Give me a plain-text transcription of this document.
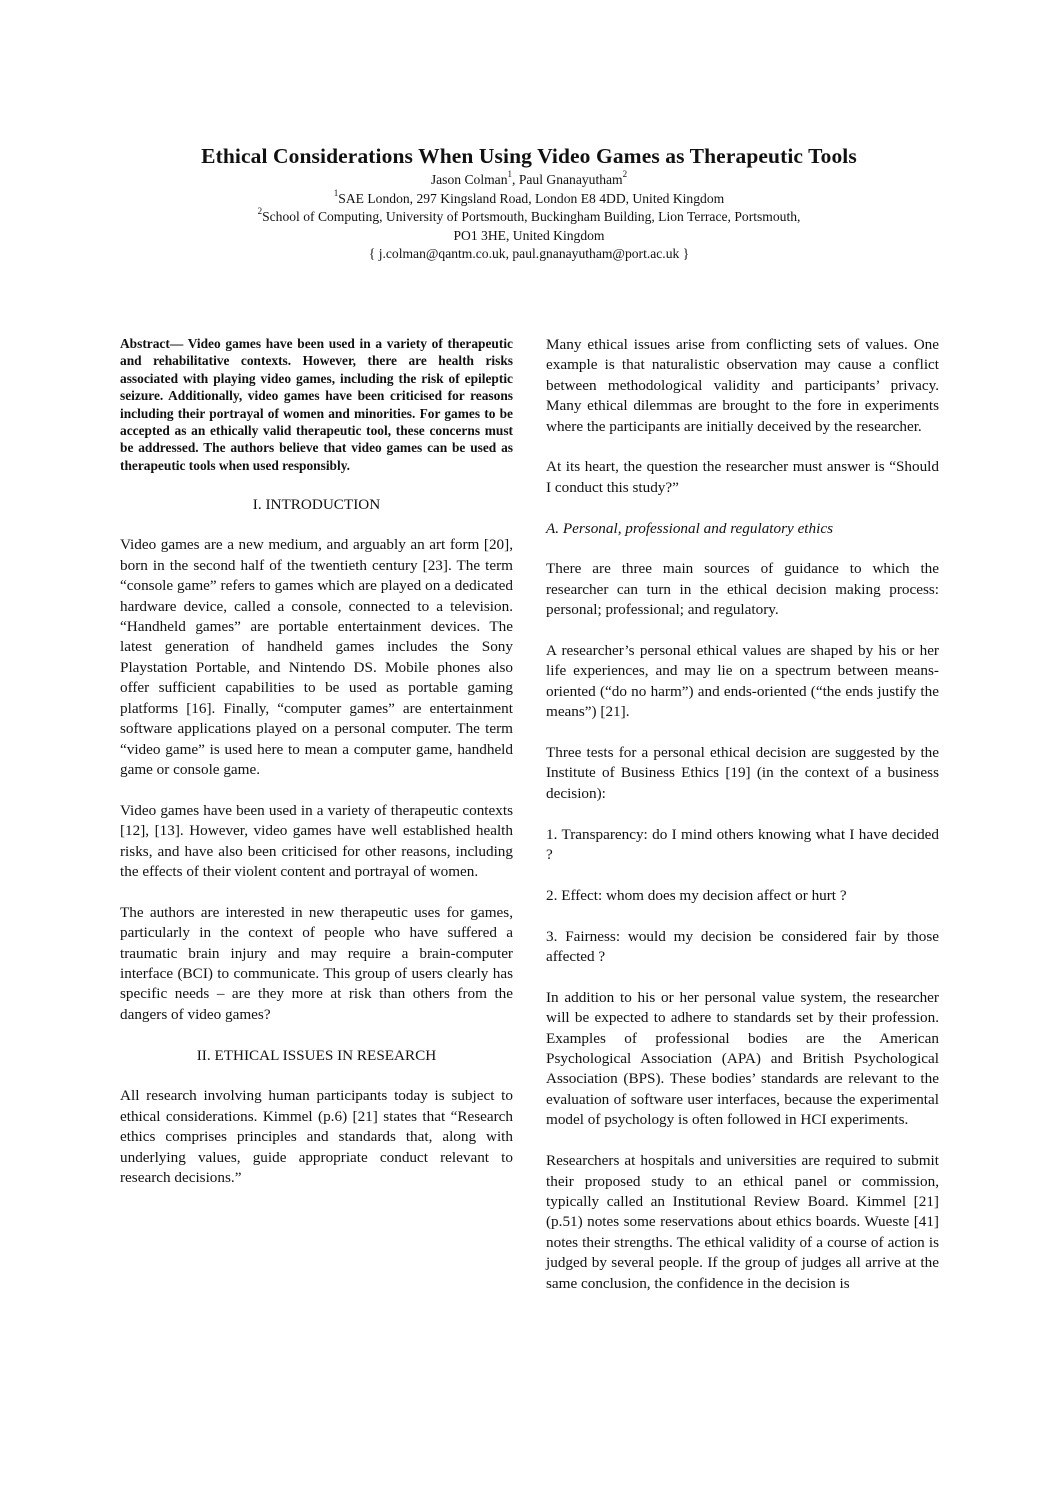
Ethical Considerations When Using Video Games as Therapeutic Tools

Jason Colman$^1$, Paul Gnanayutham$^2$

$^1$SAE London, 297 Kingsland Road, London E8 4DD, United Kingdom

$^2$School of Computing, University of Portsmouth, Buckingham Building, Lion Terrace, Portsmouth,

PO1 3HE, United Kingdom

{ j.colman@qantm.co.uk, paul.gnanayutham@port.ac.uk }

Abstract— Video games have been used in a variety of therapeutic and rehabilitative contexts. However, there are health risks associated with playing video games, including the risk of epileptic seizure. Additionally, video games have been criticised for reasons including their portrayal of women and minorities. For games to be accepted as an ethically valid therapeutic tool, these concerns must be addressed. The authors believe that video games can be used as therapeutic tools when used responsibly.

I. INTRODUCTION

Video games are a new medium, and arguably an art form [20], born in the second half of the twentieth century [23]. The term “console game” refers to games which are played on a dedicated hardware device, called a console, connected to a television. “Handheld games” are portable entertainment devices. The latest generation of handheld games includes the Sony Playstation Portable, and Nintendo DS. Mobile phones also offer sufficient capabilities to be used as portable gaming platforms [16]. Finally, “computer games” are entertainment software applications played on a personal computer. The term “video game” is used here to mean a computer game, handheld game or console game.

Video games have been used in a variety of therapeutic contexts [12], [13]. However, video games have well established health risks, and have also been criticised for other reasons, including the effects of their violent content and portrayal of women.

The authors are interested in new therapeutic uses for games, particularly in the context of people who have suffered a traumatic brain injury and may require a brain-computer interface (BCI) to communicate. This group of users clearly has specific needs – are they more at risk than others from the dangers of video games?

II. ETHICAL ISSUES IN RESEARCH

All research involving human participants today is subject to ethical considerations. Kimmel (p.6) [21] states that “Research ethics comprises principles and standards that, along with underlying values, guide appropriate conduct relevant to research decisions.”

Many ethical issues arise from conflicting sets of values. One example is that naturalistic observation may cause a conflict between methodological validity and participants’ privacy. Many ethical dilemmas are brought to the fore in experiments where the participants are initially deceived by the researcher.

At its heart, the question the researcher must answer is “Should I conduct this study?”

A. Personal, professional and regulatory ethics

There are three main sources of guidance to which the researcher can turn in the ethical decision making process: personal; professional; and regulatory.

A researcher’s personal ethical values are shaped by his or her life experiences, and may lie on a spectrum between means-oriented (“do no harm”) and ends-oriented (“the ends justify the means”) [21].

Three tests for a personal ethical decision are suggested by the Institute of Business Ethics [19] (in the context of a business decision):

1. Transparency: do I mind others knowing what I have decided ?

2. Effect: whom does my decision affect or hurt ?

3. Fairness: would my decision be considered fair by those affected ?

In addition to his or her personal value system, the researcher will be expected to adhere to standards set by their profession. Examples of professional bodies are the American Psychological Association (APA) and British Psychological Association (BPS). These bodies’ standards are relevant to the evaluation of software user interfaces, because the experimental model of psychology is often followed in HCI experiments.

Researchers at hospitals and universities are required to submit their proposed study to an ethical panel or commission, typically called an Institutional Review Board. Kimmel [21] (p.51) notes some reservations about ethics boards. Wueste [41] notes their strengths. The ethical validity of a course of action is judged by several people. If the group of judges all arrive at the same conclusion, the confidence in the decision is
